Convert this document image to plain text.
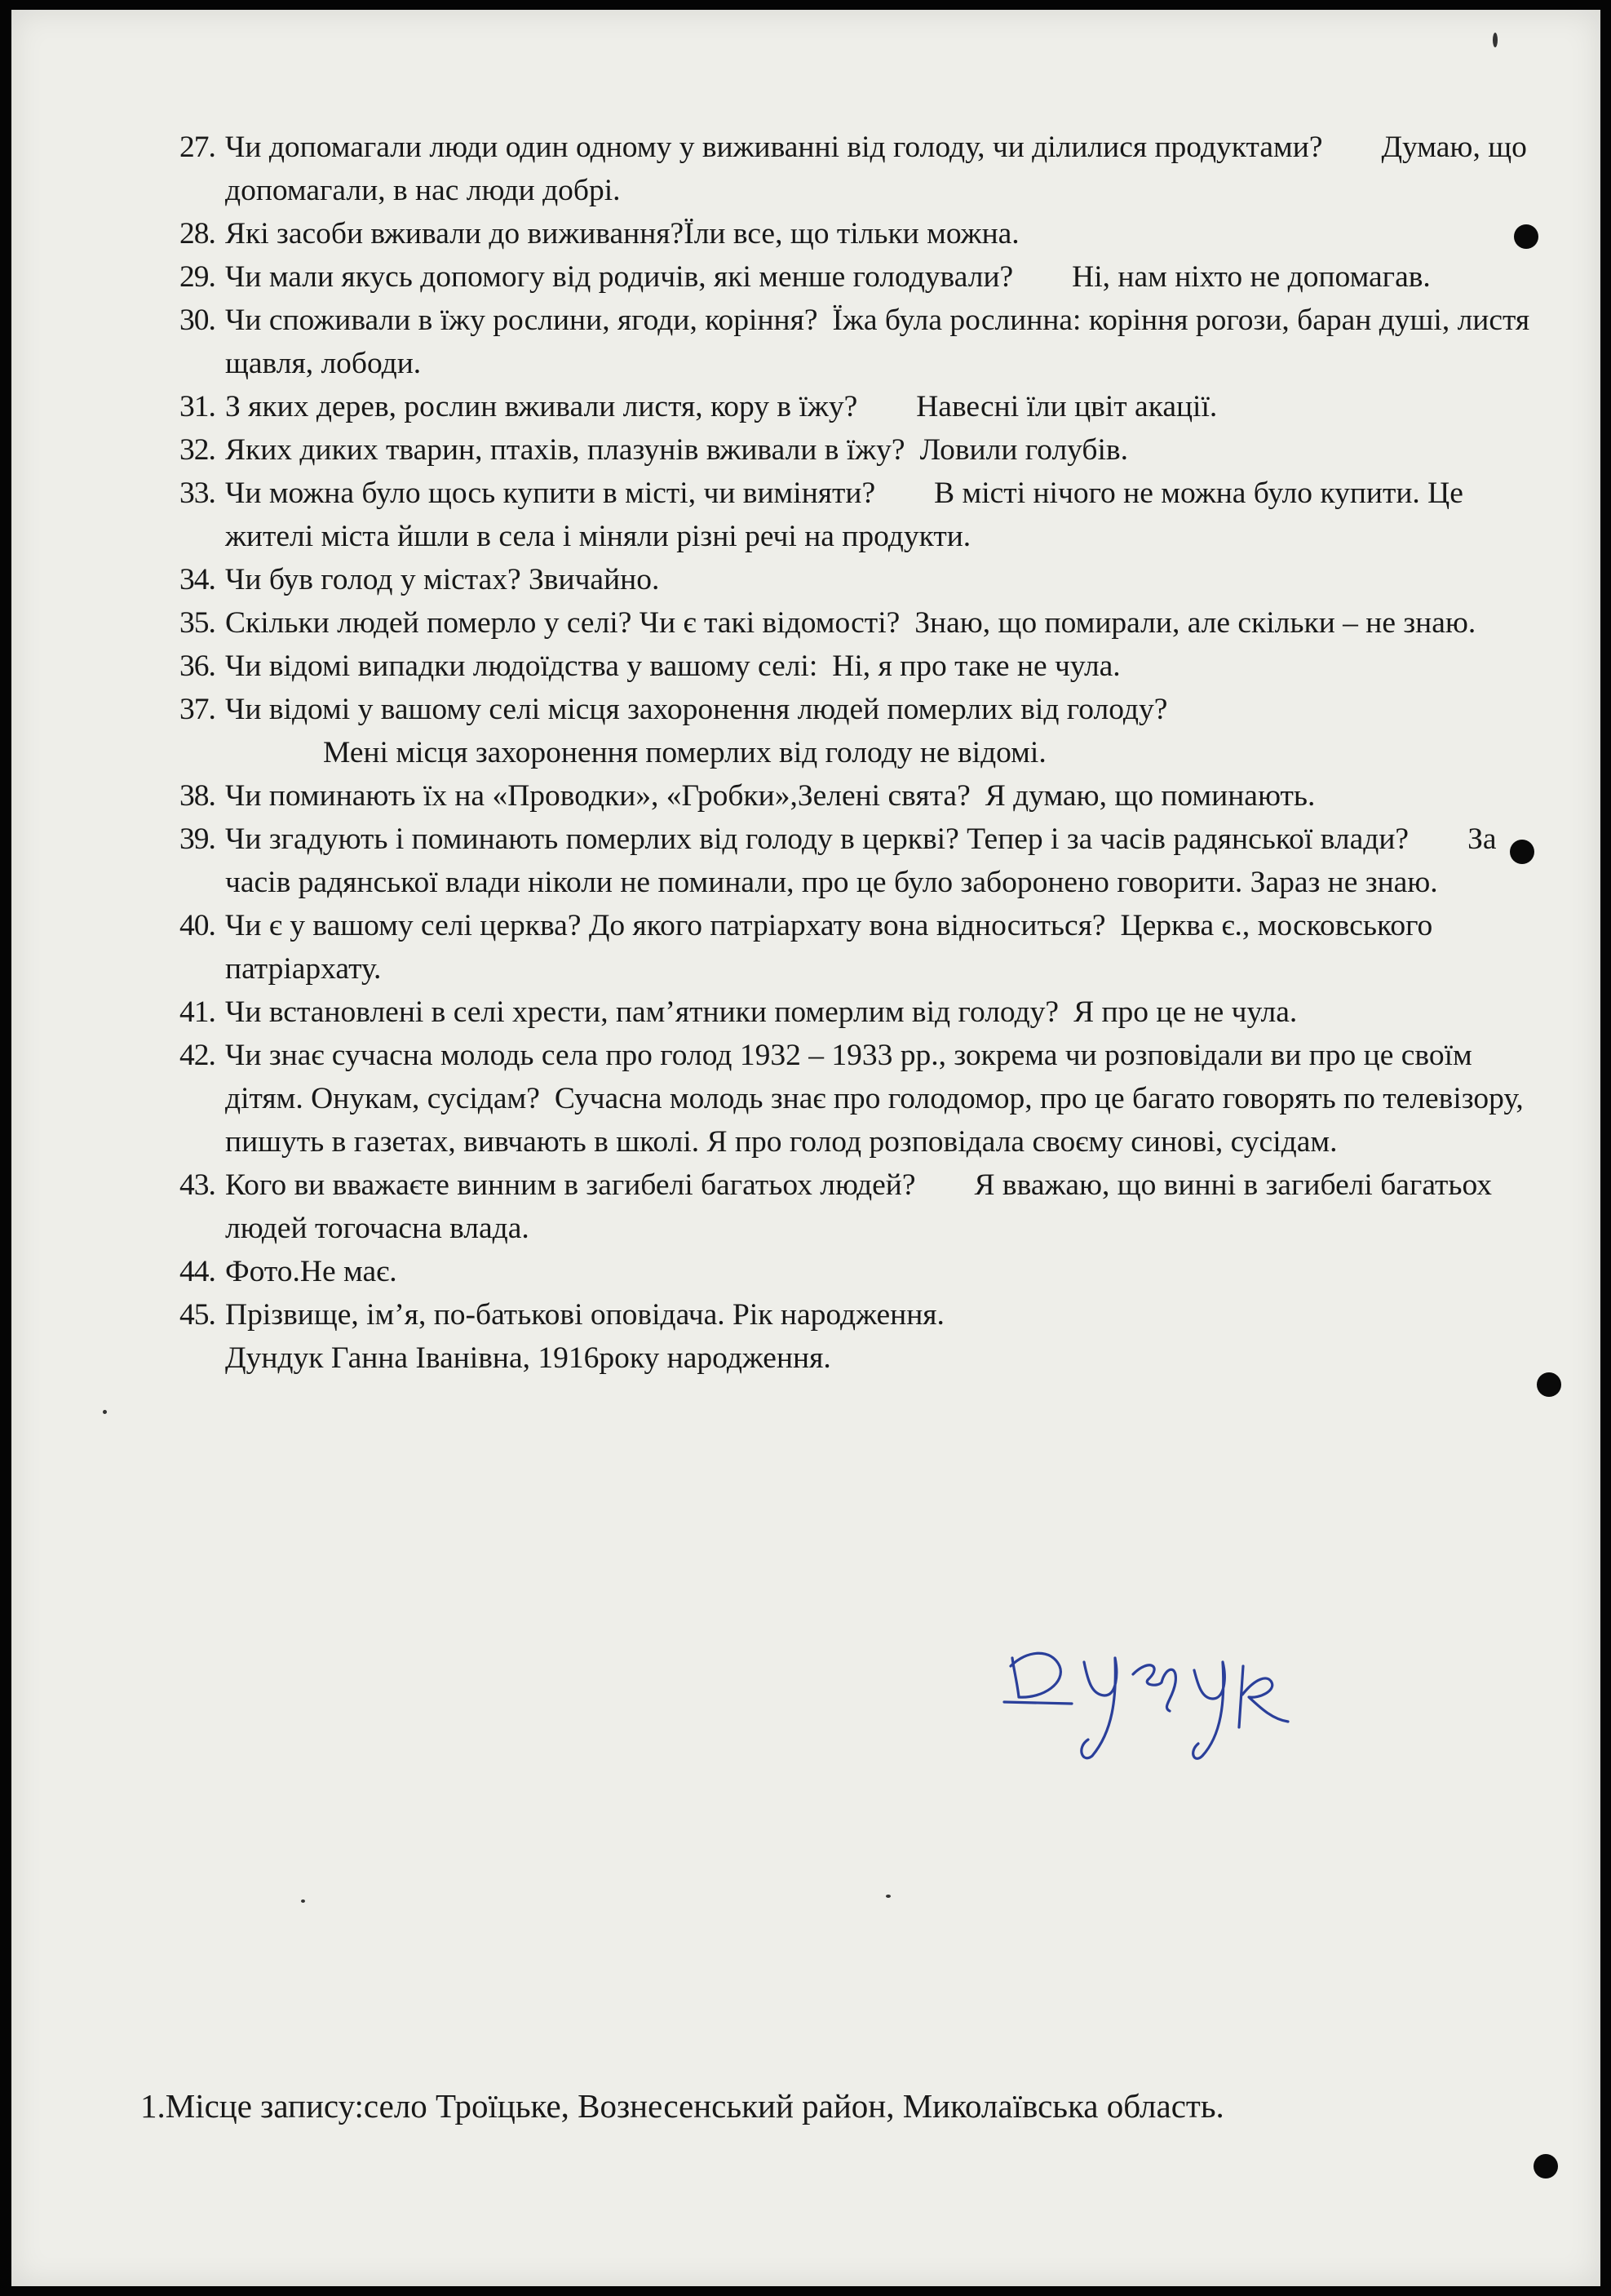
27. Чи допомагали люди один одному у виживанні від голоду, чи ділилися продуктами? Думаю, що допомагали, в нас люди добрі.
28. Які засоби вживали до виживання?Їли все, що тільки можна.
29. Чи мали якусь допомогу від родичів, які менше голодували? Ні, нам ніхто не допомагав.
30. Чи споживали в їжу рослини, ягоди, коріння? Їжа була рослинна: коріння рогози, баран душі, листя щавля, лободи.
31. З яких дерев, рослин вживали листя, кору в їжу? Навесні їли цвіт акації.
32. Яких диких тварин, птахів, плазунів вживали в їжу? Ловили голубів.
33. Чи можна було щось купити в місті, чи виміняти? В місті нічого не можна було купити. Це жителі міста йшли в села і міняли різні речі на продукти.
34. Чи був голод у містах? Звичайно.
35. Скільки людей померло у селі? Чи є такі відомості? Знаю, що помирали, але скільки – не знаю.
36. Чи відомі випадки людоїдства у вашому селі: Ні, я про таке не чула.
37. Чи відомі у вашому селі місця захоронення людей померлих від голоду?
Мені місця захоронення померлих від голоду не відомі.
38. Чи поминають їх на «Проводки», «Гробки»,Зелені свята? Я думаю, що поминають.
39. Чи згадують і поминають померлих від голоду в церкві? Тепер і за часів радянської влади? За часів радянської влади ніколи не поминали, про це було заборонено говорити. Зараз не знаю.
40. Чи є у вашому селі церква? До якого патріархату вона відноситься? Церква є., московського патріархату.
41. Чи встановлені в селі хрести, пам’ятники померлим від голоду? Я про це не чула.
42. Чи знає сучасна молодь села про голод 1932 – 1933 рр., зокрема чи розповідали ви про це своїм дітям. Онукам, сусідам? Сучасна молодь знає про голодомор, про це багато говорять по телевізору, пишуть в газетах, вивчають в школі. Я про голод розповідала своєму синові, сусідам.
43. Кого ви вважаєте винним в загибелі багатьох людей? Я вважаю, що винні в загибелі багатьох людей тогочасна влада.
44. Фото.Не має.
45. Прізвище, ім’я, по-батькові оповідача. Рік народження.
Дундук Ганна Іванівна, 1916року народження.
1.Місце запису:село Троїцьке, Вознесенський район, Миколаївська область.
